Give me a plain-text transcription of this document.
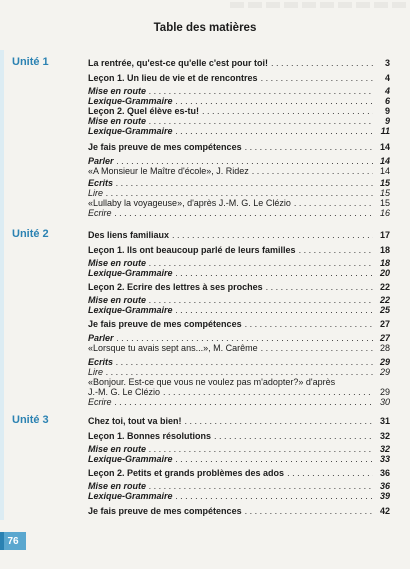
Table des matières
Unité 1	La rentrée, qu'est-ce qu'elle c'est pour toi! . . .	3
Leçon 1. Un lieu de vie et de rencontres . . .	4
Mise en route . . .	4
Lexique-Grammaire . . .	6
Leçon 2. Quel élève es-tu! . . .	9
Mise en route . . .	9
Lexique-Grammaire . . .	11
Je fais preuve de mes compétences . . .	14
Parler . . .	14
«A Monsieur le Maître d'école», J. Ridez . . .	14
Ecrits . . .	15
Lire . . .	15
«Lullaby la voyageuse», d'après J.-M. G. Le Clézio . . .	15
Ecrire . . .	16
Unité 2	Des liens familiaux . . .	17
Leçon 1. Ils ont beaucoup parlé de leurs familles . . .	18
Mise en route . . .	18
Lexique-Grammaire . . .	20
Leçon 2. Ecrire des lettres à ses proches . . .	22
Mise en route . . .	22
Lexique-Grammaire . . .	25
Je fais preuve de mes compétences . . .	27
Parler . . .	27
«Lorsque tu avais sept ans...», M. Carême . . .	28
Ecrits . . .	29
Lire . . .	29
«Bonjour. Est-ce que vous ne voulez pas m'adopter?» d'après
J.-M. G. Le Clézio . . .	29
Ecrire . . .	30
Unité 3	Chez toi, tout va bien! . . .	31
Leçon 1. Bonnes résolutions . . .	32
Mise en route . . .	32
Lexique-Grammaire . . .	33
Leçon 2. Petits et grands problèmes des ados . . .	36
Mise en route . . .	36
Lexique-Grammaire . . .	39
Je fais preuve de mes compétences . . .	42
76
